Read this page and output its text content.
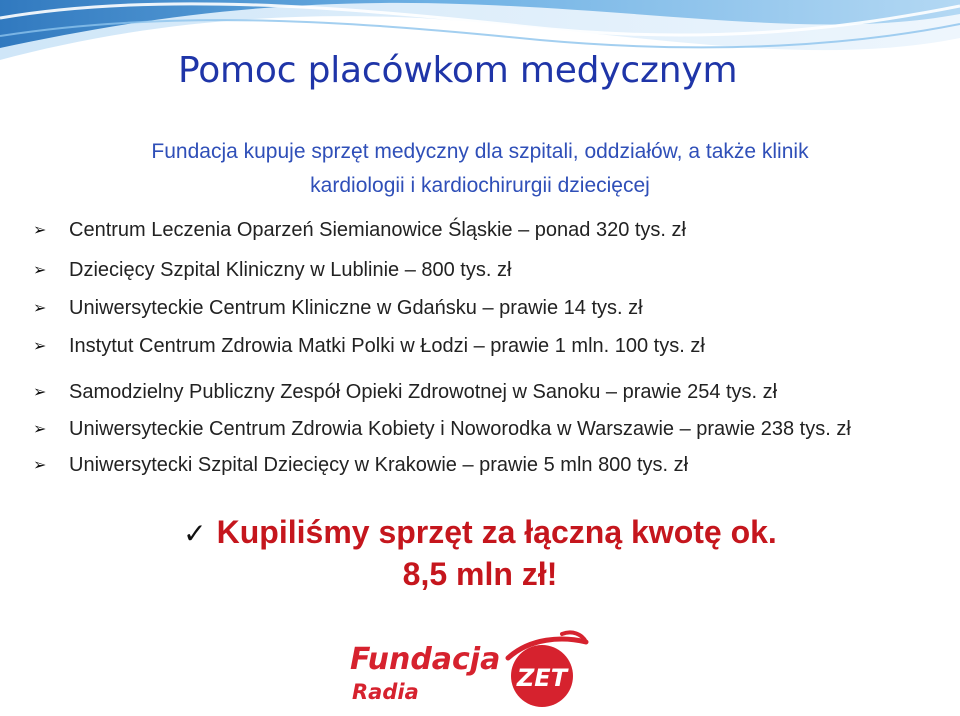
Pomoc placówkom medycznym
Fundacja kupuje sprzęt medyczny dla szpitali, oddziałów, a także klinik
kardiologii i kardiochirurgii dziecięcej
➢ Centrum Leczenia Oparzeń Siemianowice Śląskie – ponad 320 tys. zł
➢ Dziecięcy Szpital Kliniczny w Lublinie – 800 tys. zł
➢ Uniwersyteckie Centrum Kliniczne w Gdańsku – prawie 14 tys. zł
➢ Instytut Centrum Zdrowia Matki Polki w Łodzi – prawie 1 mln. 100 tys. zł
➢ Samodzielny Publiczny Zespół Opieki Zdrowotnej w Sanoku – prawie 254 tys. zł
➢ Uniwersyteckie Centrum Zdrowia Kobiety i Noworodka w Warszawie – prawie 238 tys. zł
➢ Uniwersytecki Szpital Dziecięcy w Krakowie – prawie 5 mln 800 tys. zł
✓ Kupiliśmy sprzęt za łączną kwotę ok.
8,5 mln zł!
Fundacja
Radia	ZET
